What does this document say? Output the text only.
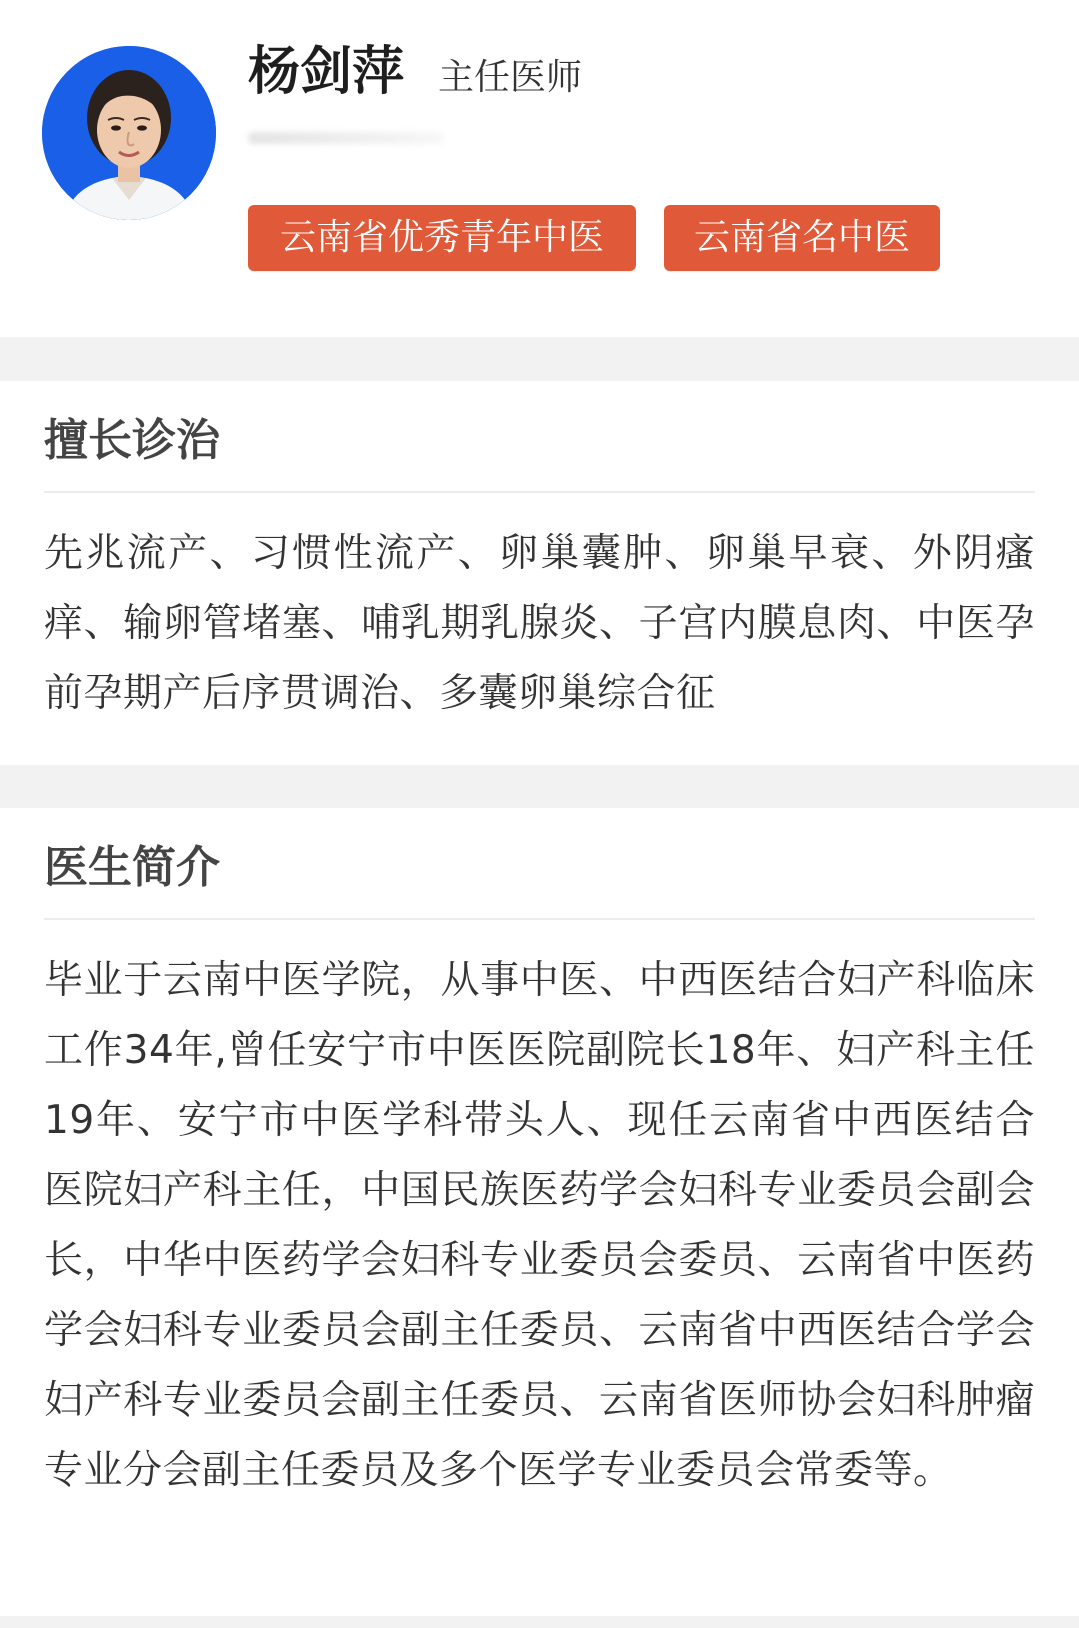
杨剑萍 主任医师
云南省优秀青年中医	云南省名中医
擅长诊治
先兆流产、习惯性流产、卵巢囊肿、卵巢早衰、外阴瘙痒、输卵管堵塞、哺乳期乳腺炎、子宫内膜息肉、中医孕前孕期产后序贯调治、多囊卵巢综合征
医生简介
毕业于云南中医学院，从事中医、中西医结合妇产科临床工作34年,曾任安宁市中医医院副院长18年、妇产科主任19年、安宁市中医学科带头人、现任云南省中西医结合医院妇产科主任，中国民族医药学会妇科专业委员会副会长，中华中医药学会妇科专业委员会委员、云南省中医药学会妇科专业委员会副主任委员、云南省中西医结合学会妇产科专业委员会副主任委员、云南省医师协会妇科肿瘤专业分会副主任委员及多个医学专业委员会常委等。
